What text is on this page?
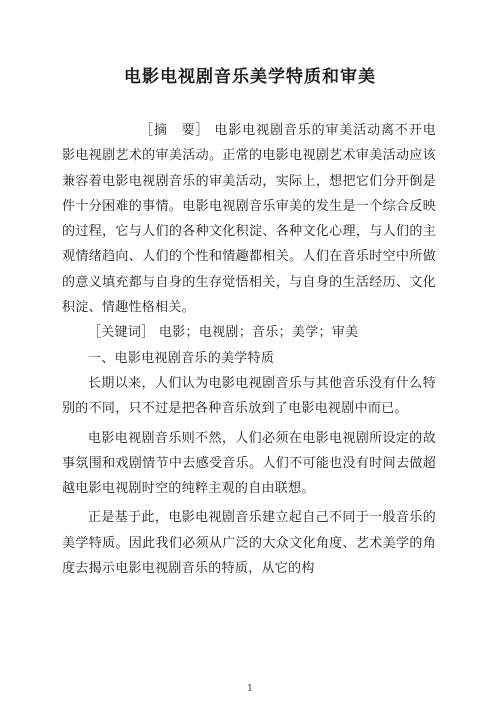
电影电视剧音乐美学特质和审美

［摘　要］ 电影电视剧音乐的审美活动离不开电影电视剧艺术的审美活动。正常的电影电视剧艺术审美活动应该兼容着电影电视剧音乐的审美活动，实际上，想把它们分开倒是件十分困难的事情。电影电视剧音乐审美的发生是一个综合反映的过程，它与人们的各种文化积淀、各种文化心理，与人们的主观情绪趋向、人们的个性和情趣都相关。人们在音乐时空中所做的意义填充都与自身的生存觉悟相关，与自身的生活经历、文化积淀、情趣性格相关。

［关键词］ 电影；电视剧；音乐；美学；审美

一、电影电视剧音乐的美学特质

长期以来，人们认为电影电视剧音乐与其他音乐没有什么特别的不同，只不过是把各种音乐放到了电影电视剧中而已。

电影电视剧音乐则不然，人们必须在电影电视剧所设定的故事氛围和戏剧情节中去感受音乐。人们不可能也没有时间去做超越电影电视剧时空的纯粹主观的自由联想。

正是基于此，电影电视剧音乐建立起自己不同于一般音乐的美学特质。因此我们必须从广泛的大众文化角度、艺术美学的角度去揭示电影电视剧音乐的特质，从它的构

1
